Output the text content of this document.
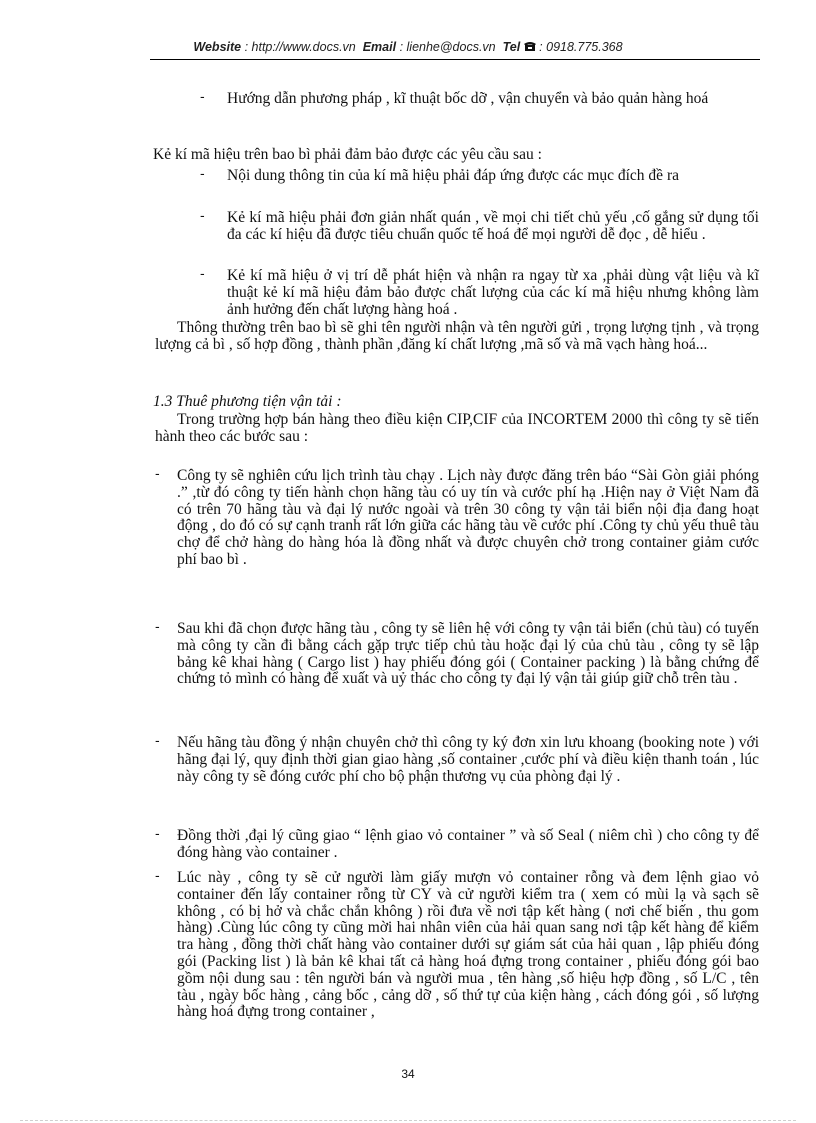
Website : http://www.docs.vn Email : lienhe@docs.vn Tel : 0918.775.368
- Hướng dẫn phương pháp , kĩ thuật bốc dỡ , vận chuyển và bảo quản hàng hoá
Kẻ kí mã hiệu trên bao bì phải đảm bảo được các yêu cầu sau :
- Nội dung thông tin của kí mã hiệu phải đáp ứng được các mục đích đề ra
- Kẻ kí mã hiệu phải đơn giản nhất quán , về mọi chi tiết chủ yếu ,cố gắng sử dụng tối đa các kí hiệu đã được tiêu chuẩn quốc tế hoá để mọi người dễ đọc , dễ hiểu .
- Kẻ kí mã hiệu ở vị trí dễ phát hiện và nhận ra ngay từ xa ,phải dùng vật liệu và kĩ thuật kẻ kí mã hiệu đảm bảo được chất lượng của các kí mã hiệu nhưng không làm ảnh hưởng đến chất lượng hàng hoá .
Thông thường trên bao bì sẽ ghi tên người nhận và tên người gửi , trọng lượng tịnh , và trọng lượng cả bì , số hợp đồng , thành phần ,đăng kí chất lượng ,mã số và mã vạch hàng hoá...
1.3 Thuê phương tiện vận tải :
Trong trường hợp bán hàng theo điều kiện CIP,CIF của INCORTEM 2000 thì công ty sẽ tiến hành theo các bước sau :
- Công ty sẽ nghiên cứu lịch trình tàu chạy . Lịch này được đăng trên báo “Sài Gòn giải phóng .” ,từ đó công ty tiến hành chọn hãng tàu có uy tín và cước phí hạ .Hiện nay ở Việt Nam đã có trên 70 hãng tàu và đại lý nước ngoài và trên 30 công ty vận tải biển nội địa đang hoạt động , do đó có sự cạnh tranh rất lớn giữa các hãng tàu về cước phí .Công ty chủ yếu thuê tàu chợ để chở hàng do hàng hóa là đồng nhất và được chuyên chở trong container giảm cước phí bao bì .
- Sau khi đã chọn được hãng tàu , công ty sẽ liên hệ với công ty vận tải biển (chủ tàu) có tuyến mà công ty cần đi bằng cách gặp trực tiếp chủ tàu hoặc đại lý của chủ tàu , công ty sẽ lập bảng kê khai hàng ( Cargo list ) hay phiếu đóng gói ( Container packing ) là bằng chứng để chứng tỏ mình có hàng để xuất và uỷ thác cho công ty đại lý vận tải giúp giữ chỗ trên tàu .
- Nếu hãng tàu đồng ý nhận chuyên chở thì công ty ký đơn xin lưu khoang (booking note ) với hãng đại lý, quy định thời gian giao hàng ,số container ,cước phí và điều kiện thanh toán , lúc này công ty sẽ đóng cước phí cho bộ phận thương vụ của phòng đại lý .
- Đồng thời ,đại lý cũng giao “ lệnh giao vỏ container ” và số Seal ( niêm chì ) cho công ty để đóng hàng vào container .
- Lúc này , công ty sẽ cử người làm giấy mượn vỏ container rỗng và đem lệnh giao vỏ container đến lấy container rỗng từ CY và cử người kiểm tra ( xem có mùi lạ và sạch sẽ không , có bị hở và chắc chắn không ) rồi đưa về nơi tập kết hàng ( nơi chế biến , thu gom hàng) .Cùng lúc công ty cũng mời hai nhân viên của hải quan sang nơi tập kết hàng để kiểm tra hàng , đồng thời chất hàng vào container dưới sự giám sát của hải quan , lập phiếu đóng gói (Packing list ) là bản kê khai tất cả hàng hoá đựng trong container , phiếu đóng gói bao gồm nội dung sau : tên người bán và người mua , tên hàng ,số hiệu hợp đồng , số L/C , tên tàu , ngày bốc hàng , cảng bốc , cảng dỡ , số thứ tự của kiện hàng , cách đóng gói , số lượng hàng hoá đựng trong container ,
34
